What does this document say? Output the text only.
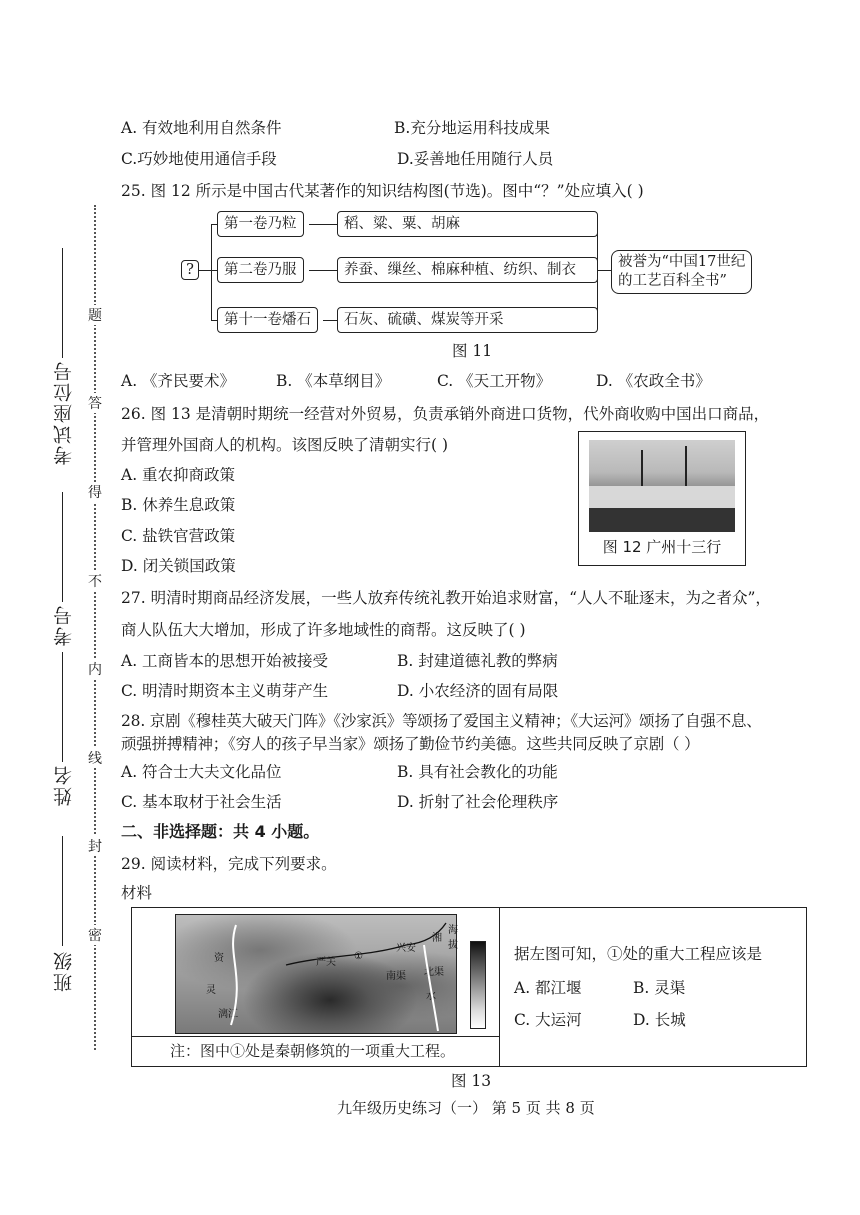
考试座位号
考号
姓名
班级
题
答
得
不
内
线
封
密
A. 有效地利用自然条件	B.充分地运用科技成果
C.巧妙地使用通信手段	D.妥善地任用随行人员
25. 图 12 所示是中国古代某著作的知识结构图(节选)。图中“？”处应填入( )
?
第一卷乃粒
第二卷乃服
第十一卷燔石
稻、粱、粟、胡麻
养蚕、缫丝、棉麻种植、纺织、制衣
石灰、硫磺、煤炭等开采
被誉为“中国17世纪
的工艺百科全书”
图 11
A. 《齐民要术》	B. 《本草纲目》	C. 《天工开物》	D. 《农政全书》
26. 图 13 是清朝时期统一经营对外贸易，负责承销外商进口货物，代外商收购中国出口商品，
并管理外国商人的机构。该图反映了清朝实行( )
A. 重农抑商政策
B. 休养生息政策
C. 盐铁官营政策
D. 闭关锁国政策
图 12 广州十三行
27. 明清时期商品经济发展，一些人放弃传统礼教开始追求财富，“人人不耻逐末，为之者众”，
商人队伍大大增加，形成了许多地域性的商帮。这反映了( )
A. 工商皆本的思想开始被接受	B. 封建道德礼教的弊病
C. 明清时期资本主义萌芽产生	D. 小农经济的固有局限
28. 京剧《穆桂英大破天门阵》《沙家浜》等颂扬了爱国主义精神；《大运河》颂扬了自强不息、
顽强拼搏精神；《穷人的孩子早当家》颂扬了勤俭节约美德。这些共同反映了京剧（ ）
A. 符合士大夫文化品位	B. 具有社会教化的功能
C. 基本取材于社会生活	D. 折射了社会伦理秩序
二、非选择题：共 4 小题。
29. 阅读材料，完成下列要求。
材料
严关
①
兴安
南渠 北渠
海拔
资
湘
漓江
灵
水
注：图中①处是秦朝修筑的一项重大工程。
据左图可知，①处的重大工程应该是
A. 都江堰	B. 灵渠
C. 大运河	D. 长城
图 13
九年级历史练习（一） 第 5 页 共 8 页
